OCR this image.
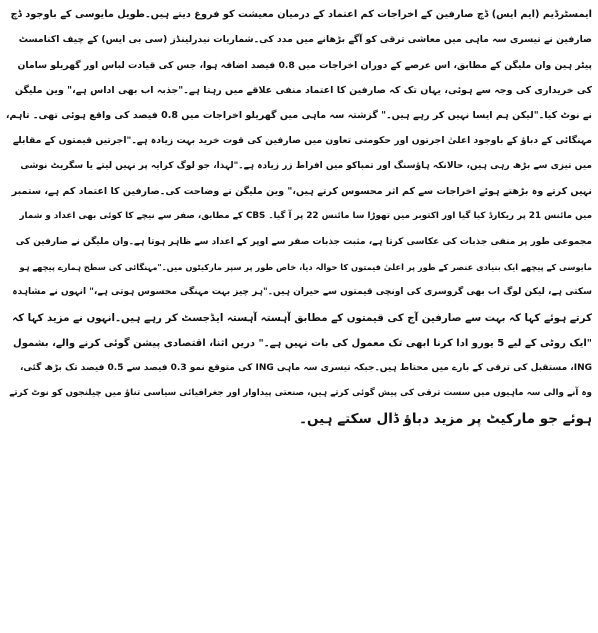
ایمسٹرڈیم (ایم ایس) ڈچ صارفین کے اخراجات کم اعتماد کے درمیان معیشت کو فروغ دیتے ہیں۔طویل مایوسی کے باوجود ڈچ
صارفین نے تیسری سہ ماہی میں معاشی ترقی کو آگے بڑھانے میں مدد کی۔شماریات نیدرلینڈز (سی بی ایس) کے چیف اکنامسٹ
پیٹر ہین وان ملیگن کے مطابق، اس عرصے کے دوران اخراجات میں 0.8 فیصد اضافہ ہوا، جس کی قیادت لباس اور گھریلو سامان
کی خریداری کی وجہ سے ہوئی، یہاں تک کہ صارفین کا اعتماد منفی علاقے میں رہتا ہے۔"جذبہ اب بھی اداس ہے،" وین ملیگن
نے نوٹ کیا۔"لیکن ہم ایسا نہیں کر رہے ہیں۔" گزشتہ سہ ماہی میں گھریلو اخراجات میں 0.8 فیصد کی واقع ہوئی تھی۔ تاہم،
مہنگائی کے دباؤ کے باوجود اعلیٰ اجرتوں اور حکومتی تعاون میں صارفین کی قوت خرید بہت زیادہ ہے۔"اجرتیں قیمتوں کے مقابلے
میں تیزی سے بڑھ رہی ہیں، حالانکہ ہاؤسنگ اور تمباکو میں افراط زر زیادہ ہے۔"لہذا، جو لوگ کرایہ پر نہیں لیتے یا سگریٹ نوشی
نہیں کرتے وہ بڑھتے ہوئے اخراجات سے کم اثر محسوس کرتے ہیں،" وین ملیگن نے وضاحت کی۔صارفین کا اعتماد کم ہے، ستمبر
میں مائنس 21 پر ریکارڈ کیا گیا اور اکتوبر میں تھوڑا سا مائنس 22 پر آ گیا۔ CBS کے مطابق، صفر سے نیچے کا کوئی بھی اعداد و شمار
مجموعی طور پر منفی جذبات کی عکاسی کرتا ہے، مثبت جذبات صفر سے اوپر کے اعداد سے ظاہر ہوتا ہے۔وان ملیگن نے صارفین کی
مایوسی کے پیچھے ایک بنیادی عنصر کے طور پر اعلیٰ قیمتوں کا حوالہ دیا، خاص طور پر سپر مارکیٹوں میں۔"مہنگائی کی سطح ہمارے پیچھے ہو
سکتی ہے، لیکن لوگ اب بھی گروسری کی اونچی قیمتوں سے حیران ہیں۔"ہر چیز بہت مہنگی محسوس ہوتی ہے،" انہوں نے مشاہدہ
کرتے ہوئے کہا کہ بہت سے صارفین آج کی قیمتوں کے مطابق آہستہ آہستہ ایڈجسٹ کر رہے ہیں۔انہوں نے مزید کہا کہ
"ایک روٹی کے لیے 5 یورو ادا کرنا ابھی تک معمول کی بات نہیں ہے۔" دریں اثنا، اقتصادی پیشن گوئی کرنے والے، بشمول
ING، مستقبل کی ترقی کے بارے میں محتاط ہیں۔جبکہ تیسری سہ ماہی ING کی متوقع نمو 0.3 فیصد سے 0.5 فیصد تک بڑھ گئی،
وہ آنے والی سہ ماہیوں میں سست ترقی کی پیش گوئی کرتے ہیں، صنعتی پیداوار اور جغرافیائی سیاسی تناؤ میں چیلنجوں کو نوٹ کرتے
ہوئے جو مارکیٹ پر مزید دباؤ ڈال سکتے ہیں۔
